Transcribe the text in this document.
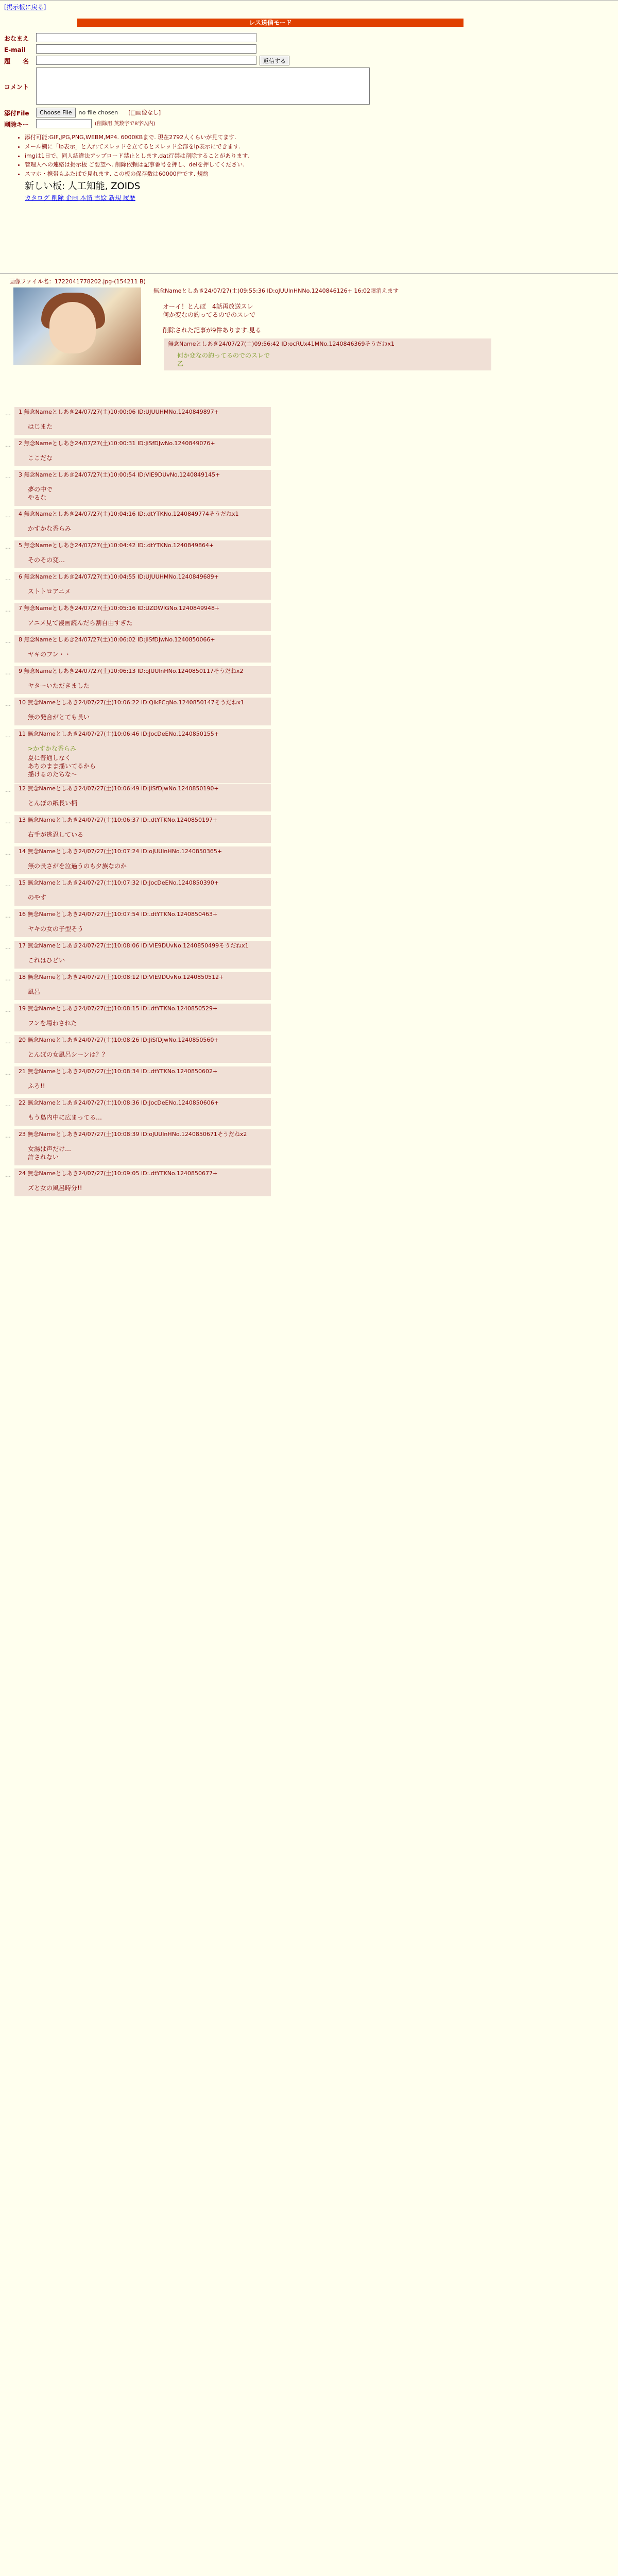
[掲示板に戻る]
レス送信モード
おなまえ
E-mail
題　　名	返信する
コメント
添付File	Choose File	no file chosen [□画像なし]
削除キー	(削除用.英数字で8字以内)
• 添付可能:GIF,JPG,PNG,WEBM,MP4. 6000KBまで. 現在2792人くらいが見てます.
• メール欄に「ip表示」と入れてスレッドを立てるとスレッド全部をip表示にできます.
• imgは1日で、同人誌違法アップロード禁止とします.dat行禁は削除することがあります.
• 管理人への連絡は掲示板 ご要望へ. 削除依頼は記事番号を押し、delを押してください.
• スマホ・携帯もふたばで見れます. この板の保存数は60000件です. 規約
新しい板: 人工知能, ZOIDS
カタログ 削除 企画 本情 雪絵 新規 履歴
画像ファイル名：1722041778202.jpg-(154211 B)
無念Nameとしあき24/07/27(土)09:55:36 ID:oJUUlnHNNo.1240846126+ 16:02頃消えます
オーイ！とんぼ　4話再放送スレ
何か変なの釣ってるのでのスレで
削除された記事が9件あります.見る
無念Nameとしあき24/07/27(土)09:56:42 ID:ocRUx41MNo.1240846369そうだねx1
何か変なの釣ってるのでのスレで
乙
… 1 無念Nameとしあき24/07/27(土)10:00:06 ID:UJUUHMNo.1240849897+
はじまた
… 2 無念Nameとしあき24/07/27(土)10:00:31 ID:JiSfDJwNo.1240849076+
ここだな
… 3 無念Nameとしあき24/07/27(土)10:00:54 ID:VlE9DUvNo.1240849145+
夢の中で
やるな
… 4 無念Nameとしあき24/07/27(土)10:04:16 ID:.dtYTKNo.1240849774そうだねx1
かすかな香らみ
… 5 無念Nameとしあき24/07/27(土)10:04:42 ID:.dtYTKNo.1240849864+
そのその変…
… 6 無念Nameとしあき24/07/27(土)10:04:55 ID:UJUUHMNo.1240849689+
ストトロアニメ
… 7 無念Nameとしあき24/07/27(土)10:05:16 ID:UZDWIGNo.1240849948+
アニメ見て漫画読んだら割自由すぎた
… 8 無念Nameとしあき24/07/27(土)10:06:02 ID:JiSfDJwNo.1240850066+
ヤキのフン・・
… 9 無念Nameとしあき24/07/27(土)10:06:13 ID:oJUUlnHNo.1240850117そうだねx2
ヤターいただきました
… 10 無念Nameとしあき24/07/27(土)10:06:22 ID:QlkFCgNo.1240850147そうだねx1
無の発合がとても長い
… 11 無念Nameとしあき24/07/27(土)10:06:46 ID:JocDeENo.1240850155+
>かすかな香らみ
夏に普通しなく
あちのまま揺いてるから
揺けるのたちな〜
… 12 無念Nameとしあき24/07/27(土)10:06:49 ID:JiSfDJwNo.1240850190+
とんぼの紙長い柄
… 13 無念Nameとしあき24/07/27(土)10:06:37 ID:.dtYTKNo.1240850197+
右手が逃忍している
… 14 無念Nameとしあき24/07/27(土)10:07:24 ID:oJUUlnHNo.1240850365+
無の長さがを泣過うのも夕族なのか
… 15 無念Nameとしあき24/07/27(土)10:07:32 ID:JocDeENo.1240850390+
のやす
… 16 無念Nameとしあき24/07/27(土)10:07:54 ID:.dtYTKNo.1240850463+
ヤキの女の子型そう
… 17 無念Nameとしあき24/07/27(土)10:08:06 ID:VlE9DUvNo.1240850499そうだねx1
これはひどい
… 18 無念Nameとしあき24/07/27(土)10:08:12 ID:VlE9DUvNo.1240850512+
風呂
… 19 無念Nameとしあき24/07/27(土)10:08:15 ID:.dtYTKNo.1240850529+
フンを場わされた
… 20 無念Nameとしあき24/07/27(土)10:08:26 ID:JiSfDJwNo.1240850560+
とんぼの女風呂シーンは？？
… 21 無念Nameとしあき24/07/27(土)10:08:34 ID:.dtYTKNo.1240850602+
ふろ!!
… 22 無念Nameとしあき24/07/27(土)10:08:36 ID:JocDeENo.1240850606+
もう島内中に広まってる…
… 23 無念Nameとしあき24/07/27(土)10:08:39 ID:oJUUlnHNo.1240850671そうだねx2
女湯は声だけ…
許されない
… 24 無念Nameとしあき24/07/27(土)10:09:05 ID:.dtYTKNo.1240850677+
ズと女の風呂時分!!
